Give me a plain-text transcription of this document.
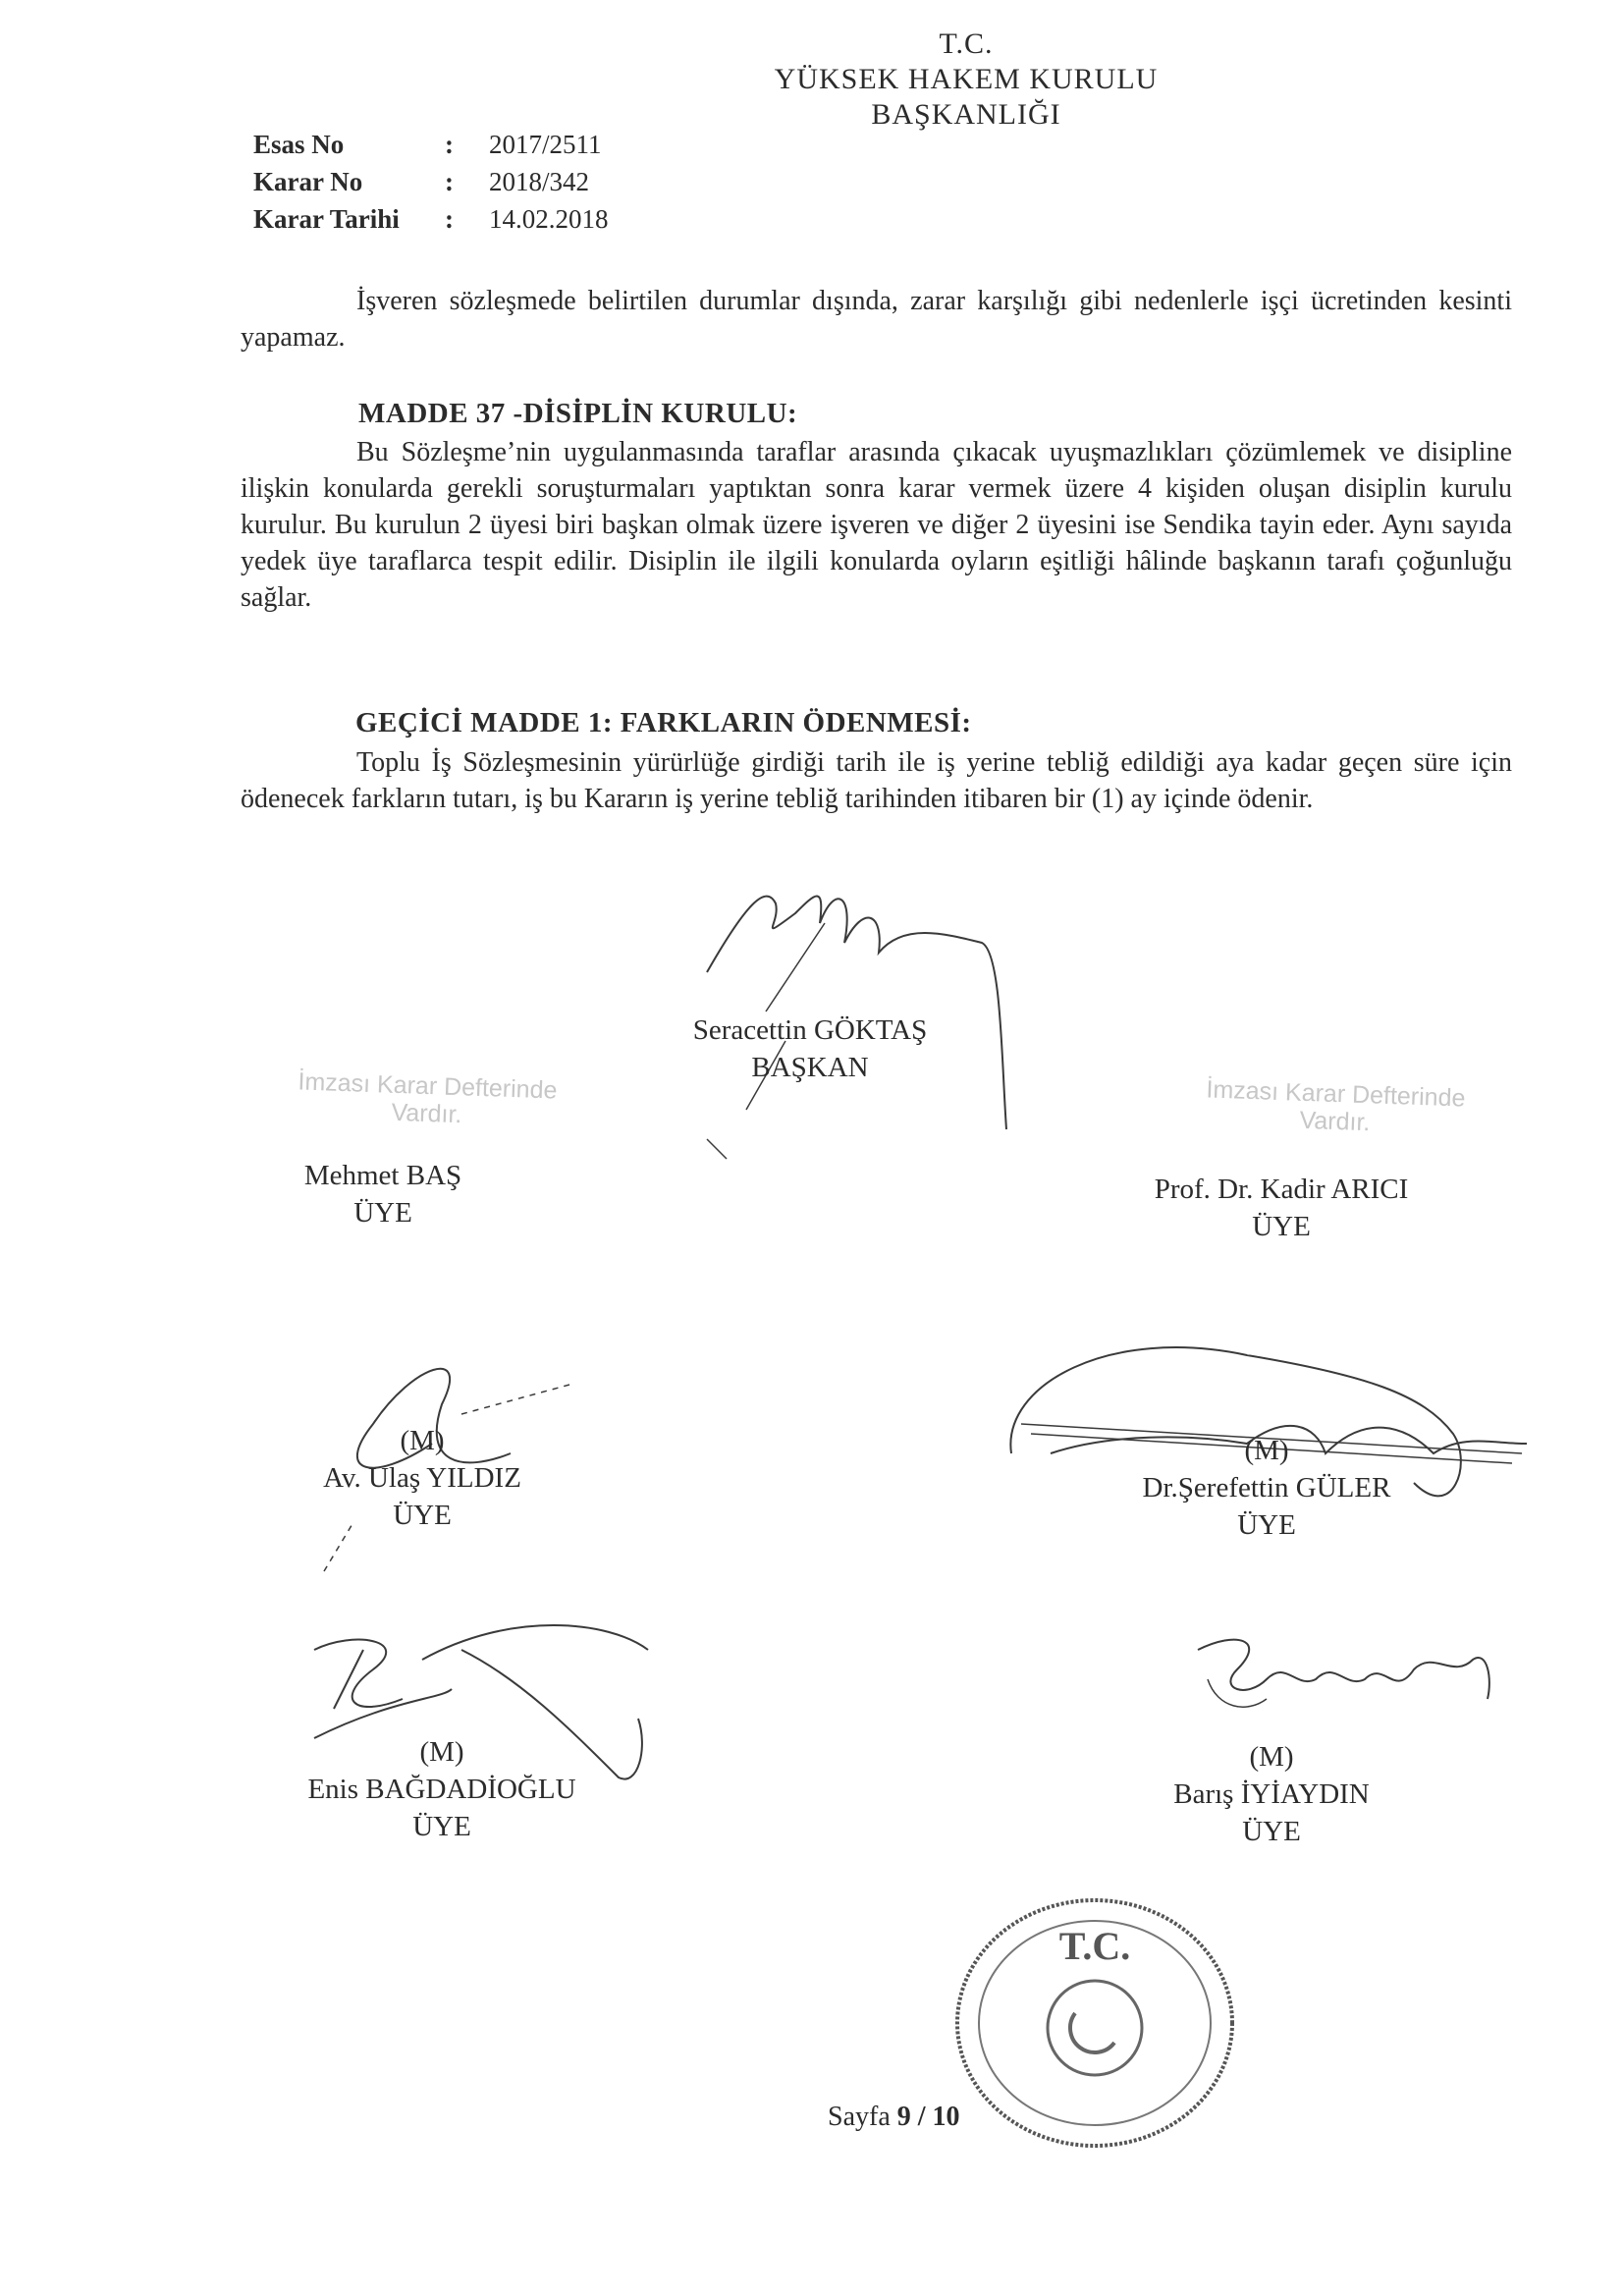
T.C.
YÜKSEK HAKEM KURULU
BAŞKANLIĞI
Esas No	: 2017/2511
Karar No	: 2018/342
Karar Tarihi : 14.02.2018
İşveren sözleşmede belirtilen durumlar dışında, zarar karşılığı gibi nedenlerle işçi ücretinden kesinti yapamaz.
MADDE 37 -DİSİPLİN KURULU:
Bu Sözleşme’nin uygulanmasında taraflar arasında çıkacak uyuşmazlıkları çözümlemek ve disipline ilişkin konularda gerekli soruşturmaları yaptıktan sonra karar vermek üzere 4 kişiden oluşan disiplin kurulu kurulur. Bu kurulun 2 üyesi biri başkan olmak üzere işveren ve diğer 2 üyesini ise Sendika tayin eder. Aynı sayıda yedek üye taraflarca tespit edilir. Disiplin ile ilgili konularda oyların eşitliği hâlinde başkanın tarafı çoğunluğu sağlar.
GEÇİCİ MADDE 1: FARKLARIN ÖDENMESİ:
Toplu İş Sözleşmesinin yürürlüğe girdiği tarih ile iş yerine tebliğ edildiği aya kadar geçen süre için ödenecek farkların tutarı, iş bu Kararın iş yerine tebliğ tarihinden itibaren bir (1) ay içinde ödenir.
Seracettin GÖKTAŞ
BAŞKAN
İmzası Karar Defterinde
Vardır.
Mehmet BAŞ
ÜYE
İmzası Karar Defterinde
Vardır.
Prof. Dr. Kadir ARICI
ÜYE
(M)
Av. Ulaş YILDIZ
ÜYE
(M)
Dr.Şerefettin GÜLER
ÜYE
(M)
Enis BAĞDADİOĞLU
ÜYE
(M)
Barış İYİAYDIN
ÜYE
T.C.
Sayfa 9 / 10
